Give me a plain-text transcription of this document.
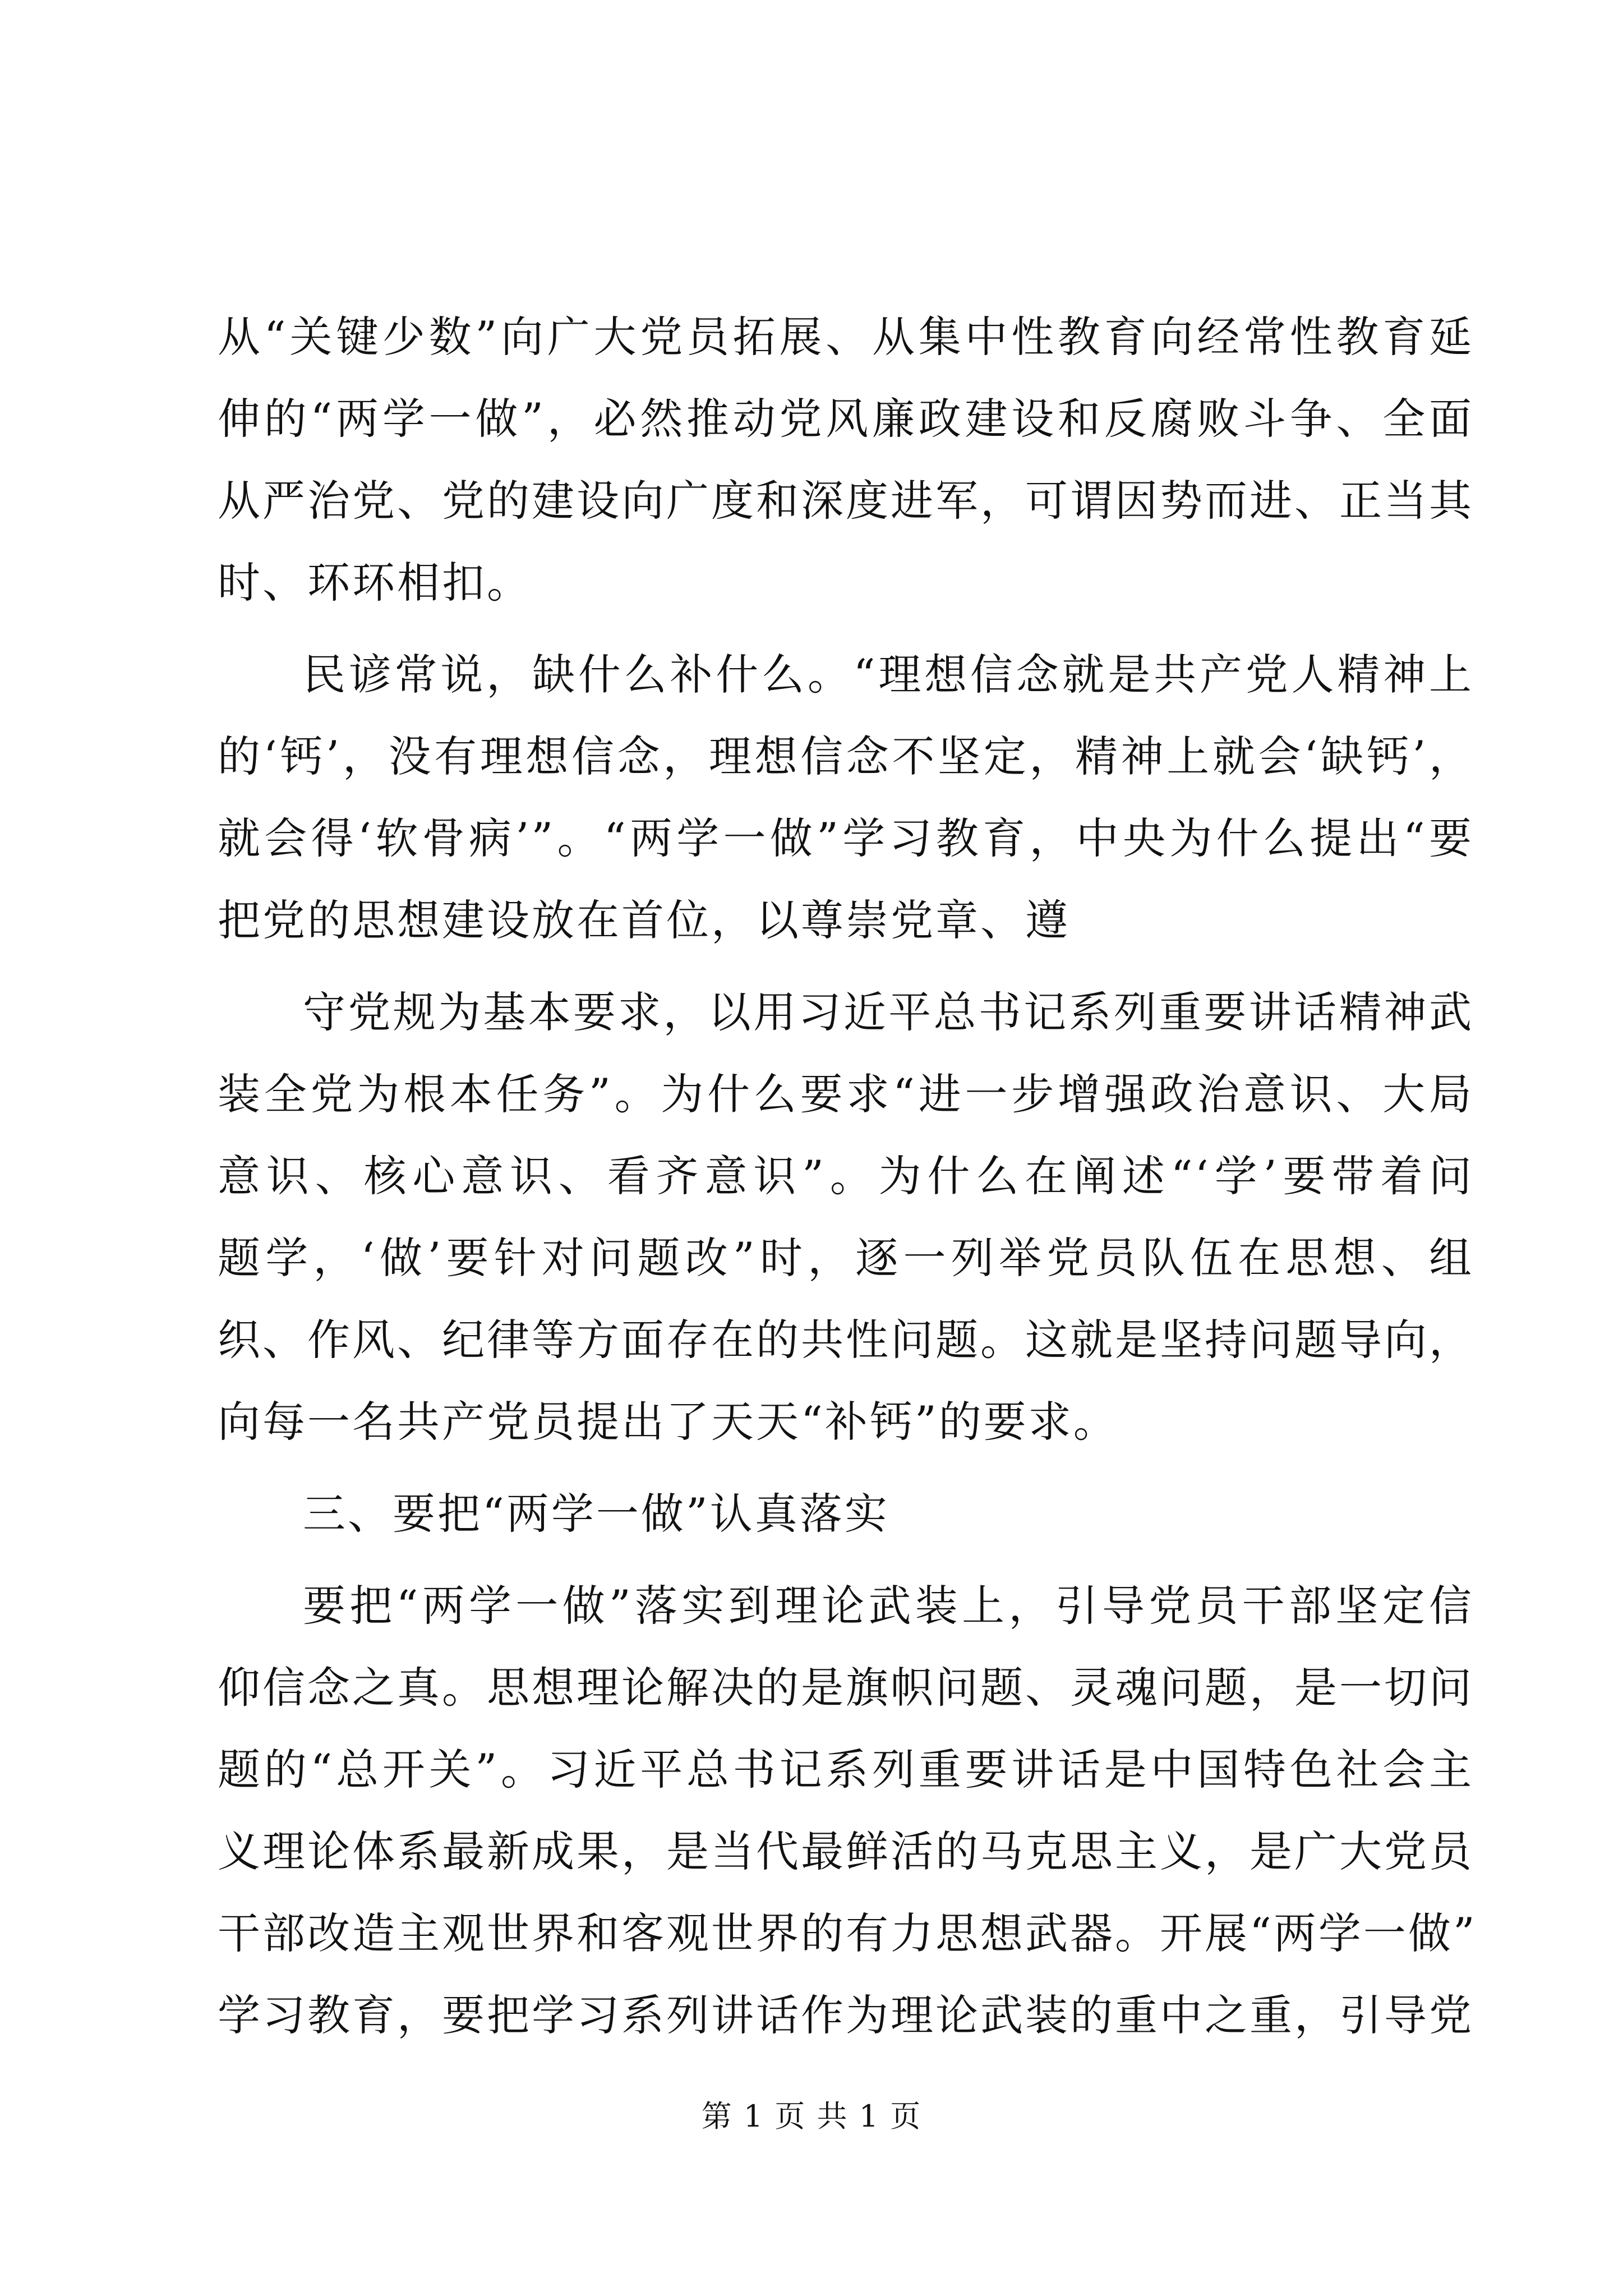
从“关键少数”向广大党员拓展、从集中性教育向经常性教育延
伸的“两学一做”，必然推动党风廉政建设和反腐败斗争、全面
从严治党、党的建设向广度和深度进军，可谓因势而进、正当其
时、环环相扣。
民谚常说，缺什么补什么。“理想信念就是共产党人精神上
的‘钙’，没有理想信念，理想信念不坚定，精神上就会‘缺钙’，
就会得‘软骨病’”。“两学一做”学习教育，中央为什么提出“要
把党的思想建设放在首位，以尊崇党章、遵
守党规为基本要求，以用习近平总书记系列重要讲话精神武
装全党为根本任务”。为什么要求“进一步增强政治意识、大局
意识、核心意识、看齐意识”。为什么在阐述“‘学’要带着问
题学，‘做’要针对问题改”时，逐一列举党员队伍在思想、组
织、作风、纪律等方面存在的共性问题。这就是坚持问题导向，
向每一名共产党员提出了天天“补钙”的要求。
三、要把“两学一做”认真落实
要把“两学一做”落实到理论武装上，引导党员干部坚定信
仰信念之真。思想理论解决的是旗帜问题、灵魂问题，是一切问
题的“总开关”。习近平总书记系列重要讲话是中国特色社会主
义理论体系最新成果，是当代最鲜活的马克思主义，是广大党员
干部改造主观世界和客观世界的有力思想武器。开展“两学一做”
学习教育，要把学习系列讲话作为理论武装的重中之重，引导党
第 1 页 共 1 页
